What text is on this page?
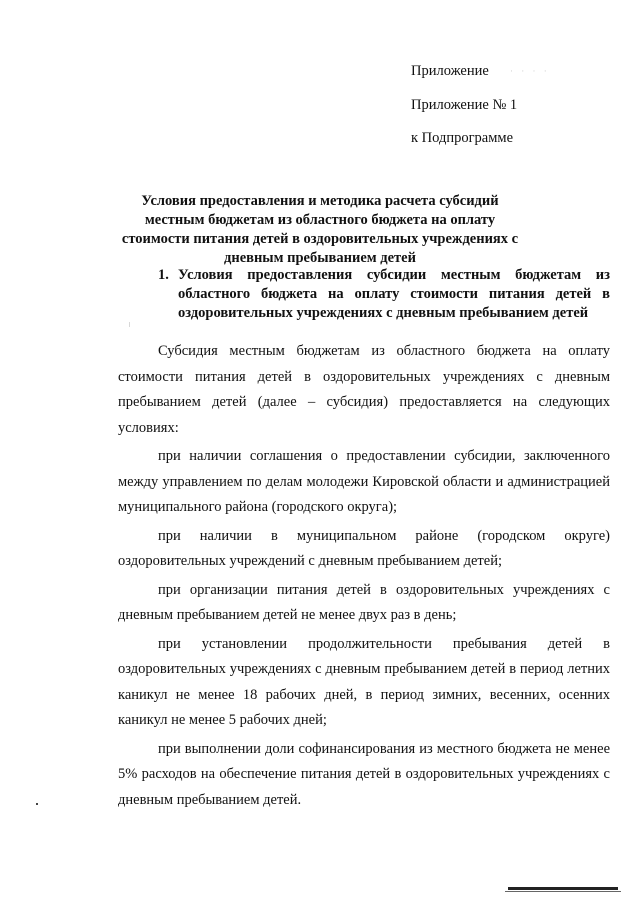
Приложение · · · ·
Приложение № 1
к Подпрограмме
Условия предоставления и методика расчета субсидий местным бюджетам из областного бюджета на оплату стоимости питания детей в оздоровительных учреждениях с дневным пребыванием детей
1. Условия предоставления субсидии местным бюджетам из областного бюджета на оплату стоимости питания детей в оздоровительных учреждениях с дневным пребыванием детей

Субсидия местным бюджетам из областного бюджета на оплату стоимости питания детей в оздоровительных учреждениях с дневным пребыванием детей (далее – субсидия) предоставляется на следующих условиях:

при наличии соглашения о предоставлении субсидии, заключенного между управлением по делам молодежи Кировской области и администрацией муниципального района (городского округа);

при наличии в муниципальном районе (городском округе) оздоровительных учреждений с дневным пребыванием детей;

при организации питания детей в оздоровительных учреждениях с дневным пребыванием детей не менее двух раз в день;

при установлении продолжительности пребывания детей в оздоровительных учреждениях с дневным пребыванием детей в период летних каникул не менее 18 рабочих дней, в период зимних, весенних, осенних каникул не менее 5 рабочих дней;

при выполнении доли софинансирования из местного бюджета не менее 5% расходов на обеспечение питания детей в оздоровительных учреждениях с дневным пребыванием детей.
